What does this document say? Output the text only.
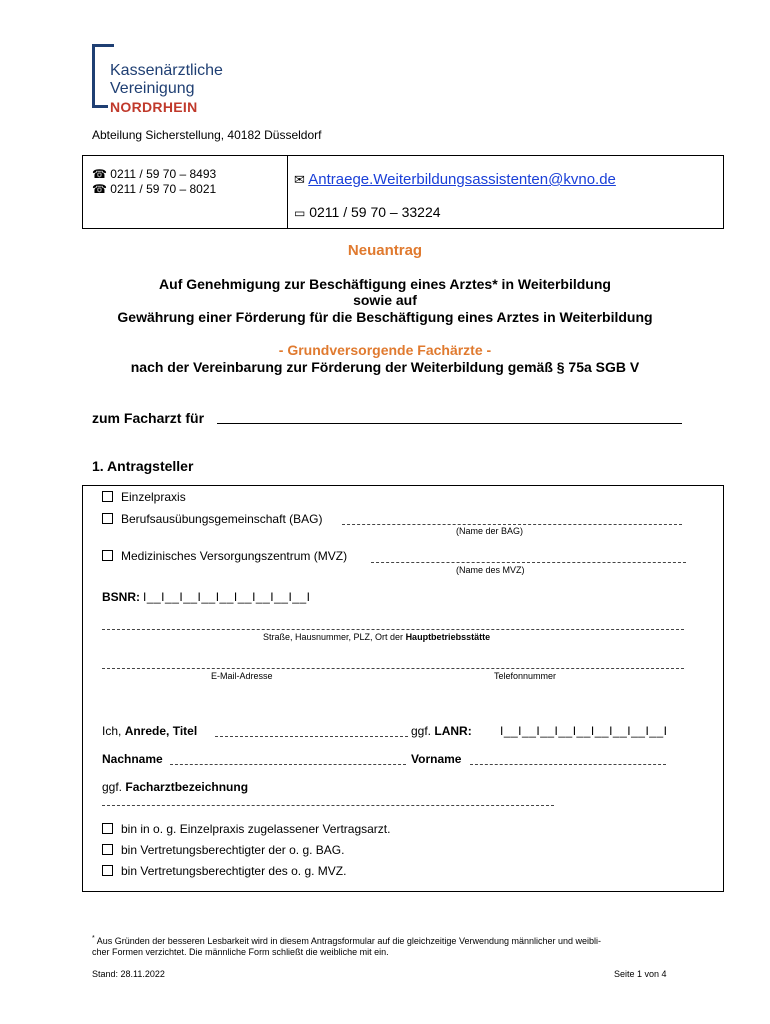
Kassenärztliche
Vereinigung
NORDRHEIN
Abteilung Sicherstellung, 40182 Düsseldorf
☎ 0211 / 59 70 – 8493
☎ 0211 / 59 70 – 8021
✉ Antraege.Weiterbildungsassistenten@kvno.de
▭ 0211 / 59 70 – 33224
Neuantrag
Auf Genehmigung zur Beschäftigung eines Arztes* in Weiterbildung
sowie auf
Gewährung einer Förderung für die Beschäftigung eines Arztes in Weiterbildung
- Grundversorgende Fachärzte -
nach der Vereinbarung zur Förderung der Weiterbildung gemäß § 75a SGB V
zum Facharzt für
1. Antragsteller
Einzelpraxis
Berufsausübungsgemeinschaft (BAG)
(Name der BAG)
Medizinisches Versorgungszentrum (MVZ)
(Name des MVZ)
BSNR: I__I__I__I__I__I__I__I__I__I
Straße, Hausnummer, PLZ, Ort der Hauptbetriebsstätte
E-Mail-Adresse	Telefonnummer
Ich, Anrede, Titel	ggf. LANR: I__I__I__I__I__I__I__I__I__I
Nachname	Vorname
ggf. Facharztbezeichnung
bin in o. g. Einzelpraxis zugelassener Vertragsarzt.
bin Vertretungsberechtigter der o. g. BAG.
bin Vertretungsberechtigter des o. g. MVZ.
* Aus Gründen der besseren Lesbarkeit wird in diesem Antragsformular auf die gleichzeitige Verwendung männlicher und weibli-
cher Formen verzichtet. Die männliche Form schließt die weibliche mit ein.
Stand: 28.11.2022	Seite 1 von 4
